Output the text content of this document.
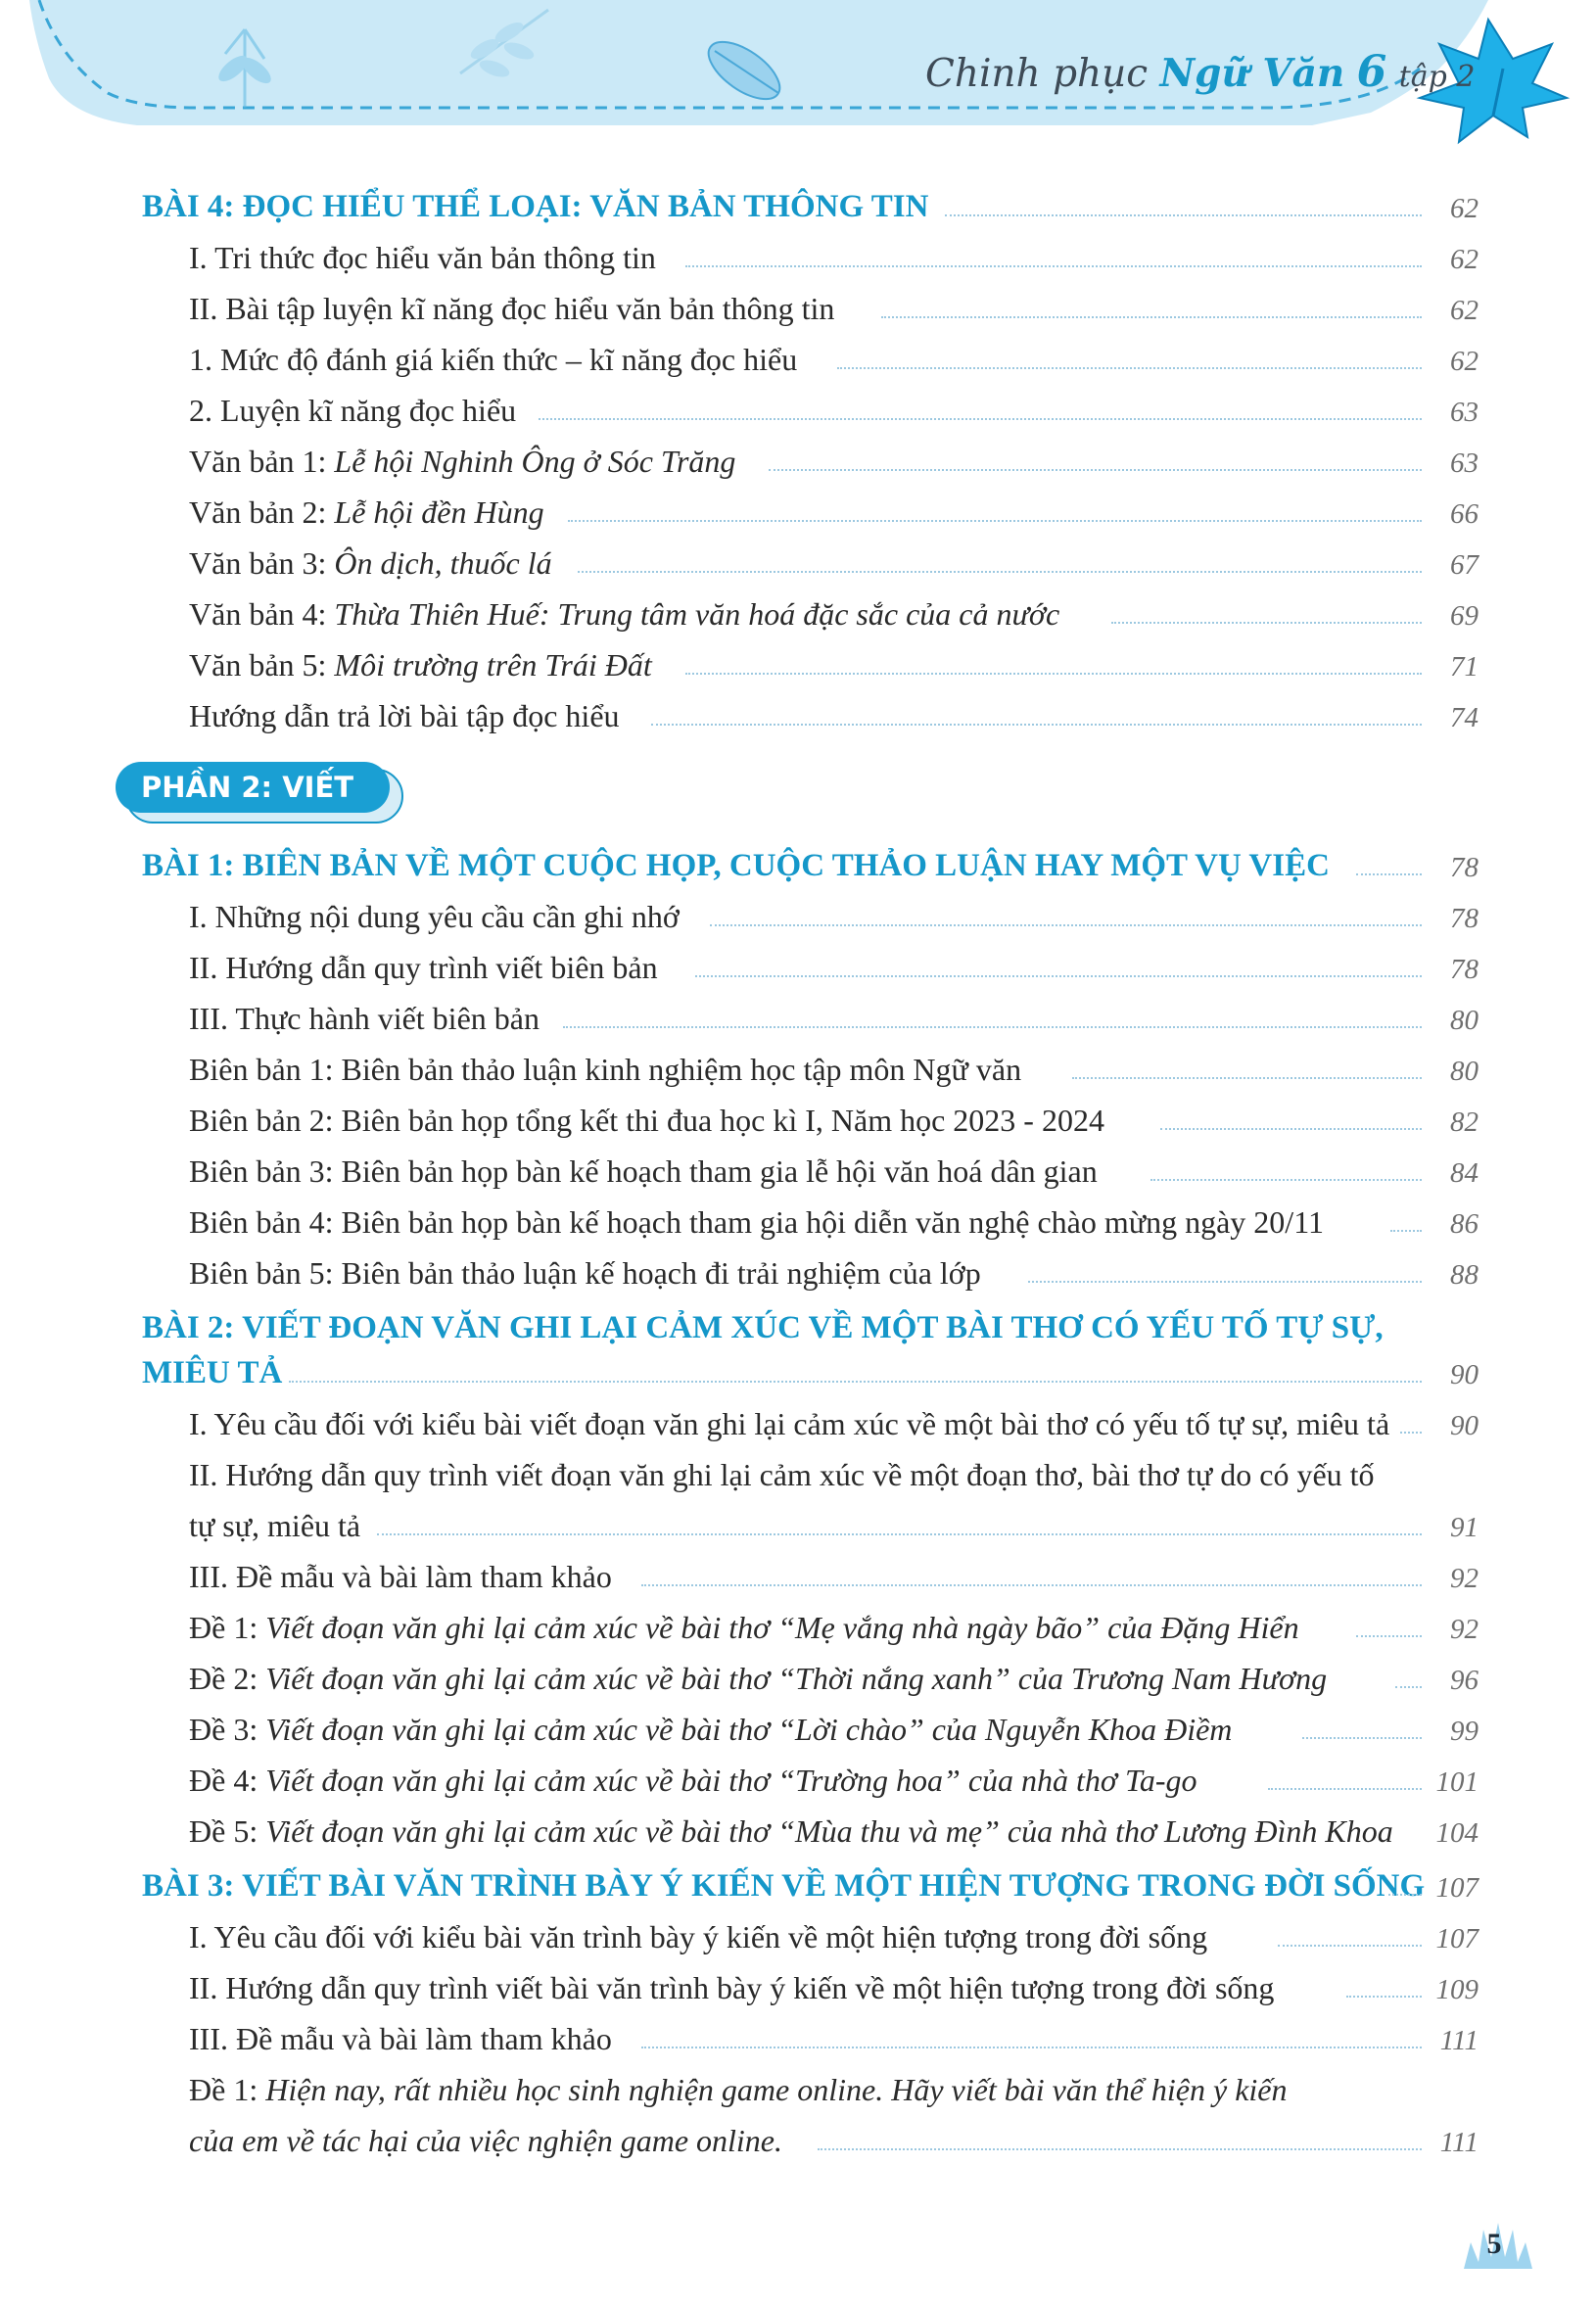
Chinh phục Ngữ Văn 6 tập 2
BÀI 4: ĐỌC HIỂU THỂ LOẠI: VĂN BẢN THÔNG TIN	62
I. Tri thức đọc hiểu văn bản thông tin	62
II. Bài tập luyện kĩ năng đọc hiểu văn bản thông tin	62
1. Mức độ đánh giá kiến thức – kĩ năng đọc hiểu	62
2. Luyện kĩ năng đọc hiểu	63
Văn bản 1: Lễ hội Nghinh Ông ở Sóc Trăng	63
Văn bản 2: Lễ hội đền Hùng	66
Văn bản 3: Ôn dịch, thuốc lá	67
Văn bản 4: Thừa Thiên Huế: Trung tâm văn hoá đặc sắc của cả nước	69
Văn bản 5: Môi trường trên Trái Đất	71
Hướng dẫn trả lời bài tập đọc hiểu	74
PHẦN 2: VIẾT
BÀI 1: BIÊN BẢN VỀ MỘT CUỘC HỌP, CUỘC THẢO LUẬN HAY MỘT VỤ VIỆC	78
I. Những nội dung yêu cầu cần ghi nhớ	78
II. Hướng dẫn quy trình viết biên bản	78
III. Thực hành viết biên bản	80
Biên bản 1: Biên bản thảo luận kinh nghiệm học tập môn Ngữ văn	80
Biên bản 2: Biên bản họp tổng kết thi đua học kì I, Năm học 2023 - 2024	82
Biên bản 3: Biên bản họp bàn kế hoạch tham gia lễ hội văn hoá dân gian	84
Biên bản 4: Biên bản họp bàn kế hoạch tham gia hội diễn văn nghệ chào mừng ngày 20/11	86
Biên bản 5: Biên bản thảo luận kế hoạch đi trải nghiệm của lớp	88
BÀI 2: VIẾT ĐOẠN VĂN GHI LẠI CẢM XÚC VỀ MỘT BÀI THƠ CÓ YẾU TỐ TỰ SỰ,
MIÊU TẢ	90
I. Yêu cầu đối với kiểu bài viết đoạn văn ghi lại cảm xúc về một bài thơ có yếu tố tự sự, miêu tả 90
II. Hướng dẫn quy trình viết đoạn văn ghi lại cảm xúc về một đoạn thơ, bài thơ tự do có yếu tố
tự sự, miêu tả	91
III. Đề mẫu và bài làm tham khảo	92
Đề 1: Viết đoạn văn ghi lại cảm xúc về bài thơ “Mẹ vắng nhà ngày bão” của Đặng Hiển	92
Đề 2: Viết đoạn văn ghi lại cảm xúc về bài thơ “Thời nắng xanh” của Trương Nam Hương	96
Đề 3: Viết đoạn văn ghi lại cảm xúc về bài thơ “Lời chào” của Nguyễn Khoa Điềm	99
Đề 4: Viết đoạn văn ghi lại cảm xúc về bài thơ “Trường hoa” của nhà thơ Ta-go	101
Đề 5: Viết đoạn văn ghi lại cảm xúc về bài thơ “Mùa thu và mẹ” của nhà thơ Lương Đình Khoa 104
BÀI 3: VIẾT BÀI VĂN TRÌNH BÀY Ý KIẾN VỀ MỘT HIỆN TƯỢNG TRONG ĐỜI SỐNG 107
I. Yêu cầu đối với kiểu bài văn trình bày ý kiến về một hiện tượng trong đời sống	107
II. Hướng dẫn quy trình viết bài văn trình bày ý kiến về một hiện tượng trong đời sống	109
III. Đề mẫu và bài làm tham khảo	111
Đề 1: Hiện nay, rất nhiều học sinh nghiện game online. Hãy viết bài văn thể hiện ý kiến
của em về tác hại của việc nghiện game online.	111
5
